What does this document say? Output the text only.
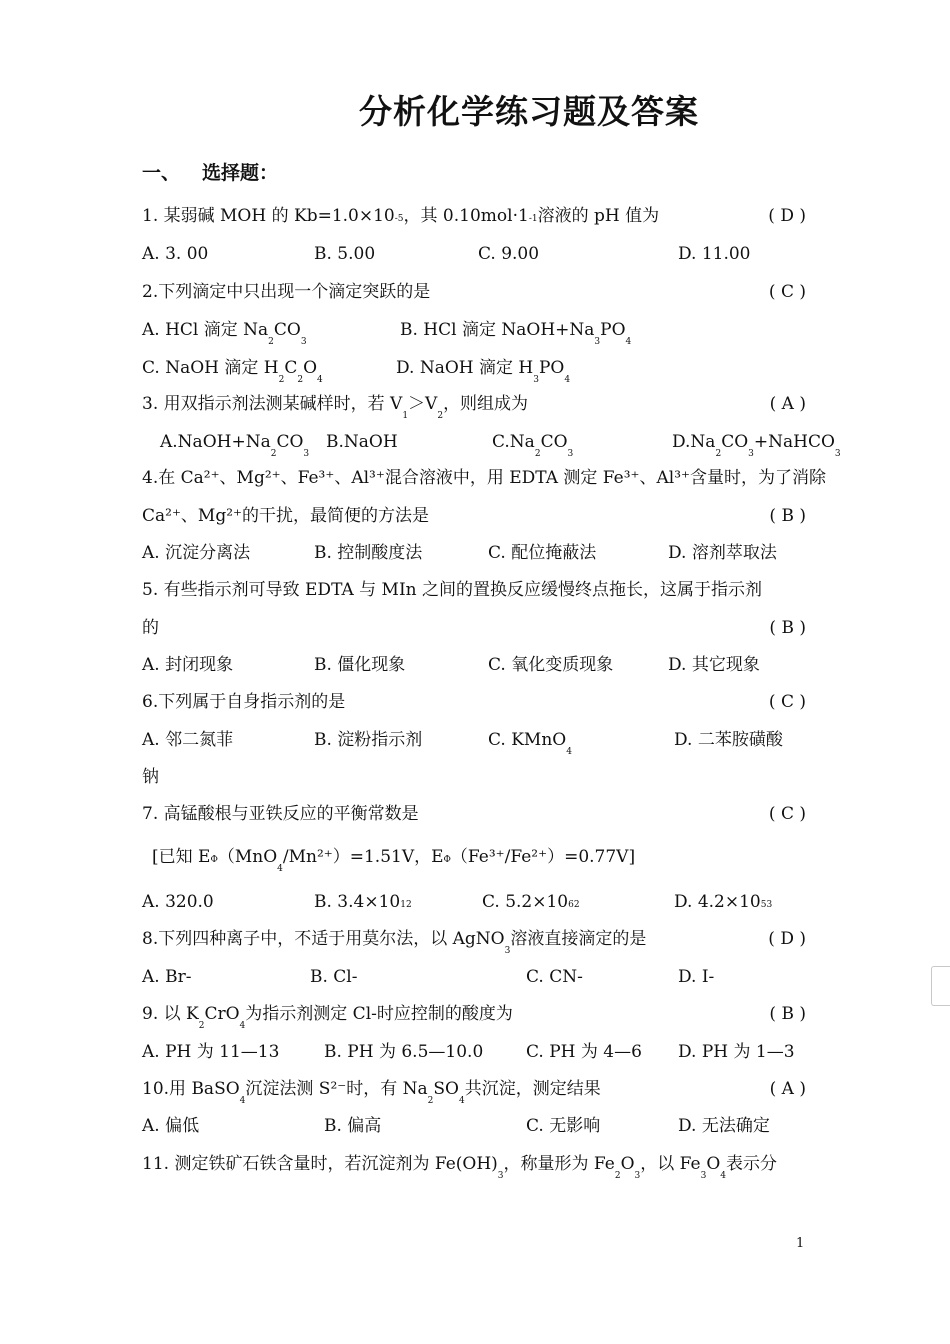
分析化学练习题及答案
一、 选择题：
1. 某弱碱 MOH 的 Kb=1.0×10-5，其 0.10mol·1-1溶液的 pH 值为	( D )
A. 3. 00	B. 5.00	C. 9.00	D. 11.00
2.下列滴定中只出现一个滴定突跃的是	( C )
A. HCl 滴定 $Na_2CO_3$
B. HCl 滴定 $NaOH+Na_3PO_4$
C. NaOH 滴定 $H_2C_2O_4$
D. NaOH 滴定 $H_3PO_4$
3. 用双指示剂法测某碱样时，若 $V_1>V_2$，则组成为	( A )
$A.NaOH+Na_2CO_3$
B.NaOH	$C.Na_2CO_3$
$D.Na_2CO_3+NaHCO_3$
4.在 Ca²⁺、Mg²⁺、Fe³⁺、Al³⁺混合溶液中，用 EDTA 测定 Fe³⁺、Al³⁺含量时，为了消除
Ca²⁺、Mg²⁺的干扰，最简便的方法是	( B )
A. 沉淀分离法	B. 控制酸度法	C. 配位掩蔽法	D. 溶剂萃取法
5. 有些指示剂可导致 EDTA 与 MIn 之间的置换反应缓慢终点拖长，这属于指示剂
的	( B )
A. 封闭现象	B. 僵化现象	C. 氧化变质现象	D. 其它现象
6.下列属于自身指示剂的是	( C )
A. 邻二氮菲	B. 淀粉指示剂	C. KMnO$_4$
D. 二苯胺磺酸
钠
7. 高锰酸根与亚铁反应的平衡常数是	( C )
[已知 EΦ（MnO$_4$/Mn²⁺）=1.51V，EΦ（Fe³⁺/Fe²⁺）=0.77V]
A. 320.0	B. 3.4×1012	C. 5.2×1062	D. 4.2×1053
8.下列四种离子中，不适于用莫尔法，以 AgNO$_3$溶液直接滴定的是	( D )
A. Br-	B. Cl-	C. CN-	D. I-
9. 以 $K_2CrO_4$为指示剂测定 Cl-时应控制的酸度为	( B )
A. PH 为 11—13	B. PH 为 6.5—10.0	C. PH 为 4—6 D. PH 为 1—3
10.用 BaSO$_4$沉淀法测 S²⁻时，有 $Na_2SO_4$共沉淀，测定结果	( A )
A. 偏低	B. 偏高	C. 无影响	D. 无法确定
11. 测定铁矿石铁含量时，若沉淀剂为 $Fe(OH)_3$，称量形为 $Fe_2O_3$，以 $Fe_3O_4$表示分
1
